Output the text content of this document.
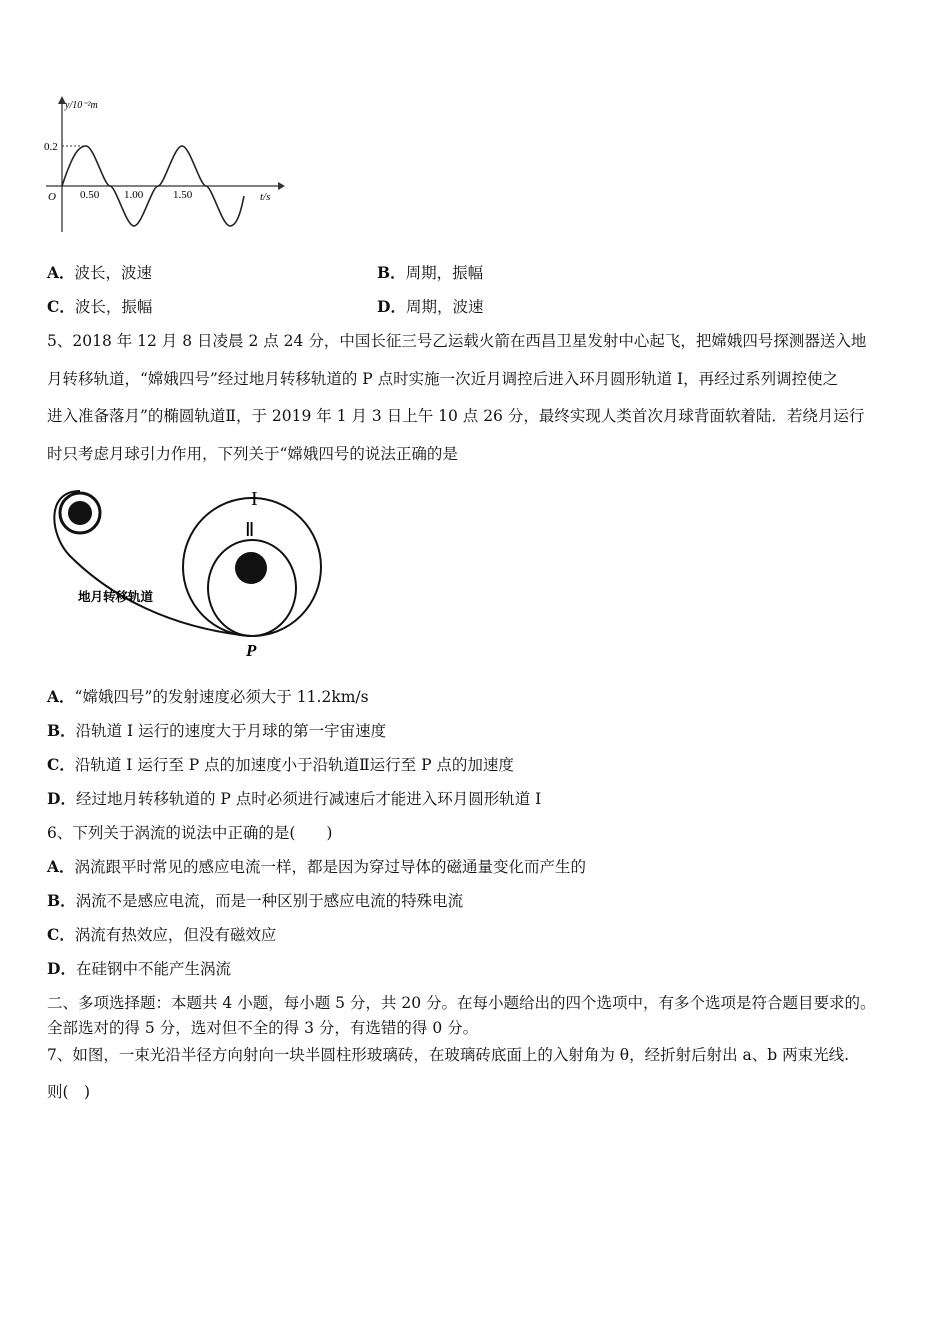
y/10⁻²m
0.2
O 0.50 1.00	1.50	t/s
A．波长，波速	B．周期，振幅
C．波长，振幅	D．周期，波速
5、2018 年 12 月 8 日凌晨 2 点 24 分，中国长征三号乙运载火箭在西昌卫星发射中心起飞，把嫦娥四号探测器送入地
月转移轨道，“嫦娥四号”经过地月转移轨道的 P 点时实施一次近月调控后进入环月圆形轨道 I，再经过系列调控使之
进入准备落月”的椭圆轨道Ⅱ，于 2019 年 1 月 3 日上午 10 点 26 分，最终实现人类首次月球背面软着陆．若绕月运行
时只考虑月球引力作用，下列关于“嫦娥四号的说法正确的是
I
Ⅱ
地月转移轨道
P
A．“嫦娥四号”的发射速度必须大于 11.2km/s
B．沿轨道 I 运行的速度大于月球的第一宇宙速度
C．沿轨道 I 运行至 P 点的加速度小于沿轨道Ⅱ运行至 P 点的加速度
D．经过地月转移轨道的 P 点时必须进行减速后才能进入环月圆形轨道 I
6、下列关于涡流的说法中正确的是(　　)
A．涡流跟平时常见的感应电流一样，都是因为穿过导体的磁通量变化而产生的
B．涡流不是感应电流，而是一种区别于感应电流的特殊电流
C．涡流有热效应，但没有磁效应
D．在硅钢中不能产生涡流
二、多项选择题：本题共 4 小题，每小题 5 分，共 20 分。在每小题给出的四个选项中，有多个选项是符合题目要求的。
全部选对的得 5 分，选对但不全的得 3 分，有选错的得 0 分。
7、如图，一束光沿半径方向射向一块半圆柱形玻璃砖，在玻璃砖底面上的入射角为 θ，经折射后射出 a、b 两束光线.
则(　)
